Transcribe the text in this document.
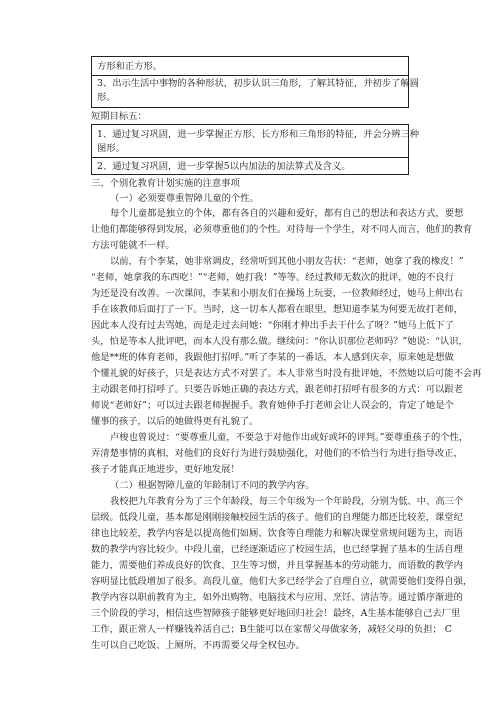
方形和正方形。
3、出示生活中事物的各种形状，初步认识三角形，了解其特征，并初步了解圆
形。
短期目标五：
1、通过复习巩固，进一步掌握正方形、长方形和三角形的特征，并会分辨三种
图形。
2、通过复习巩固，进一步掌握5以内加法的加法算式及含义。
三、个别化教育计划实施的注意事项
（一）必须要尊重智障儿童的个性。
每个儿童都是独立的个体，都有各自的兴趣和爱好，都有自己的想法和表达方式，要想
让他们都能够得到发展，必须尊重他们的个性。对待每一个学生，对不同人而言，他们的教育
方法可能就不一样。
以前，有个李某，她非常调皮，经常听到其他小朋友告状：“老师，她拿了我的橡皮！”
“老师，她拿我的东西吃！”“老师，她打我！”等等。经过教师无数次的批评，她的不良行
为还是没有改善。一次课间，李某和小朋友们在操场上玩耍，一位教师经过，她马上伸出右
手在该教师后面打了一下。当时，这一切本人都看在眼里，想知道李某为何要无故打老师，
因此本人没有过去骂她，而是走过去问她：“你刚才伸出手去干什么了呀？”她马上低下了
头，怕是等本人批评吧，而本人没有那么做。继续问：“你认识那位老师吗？”她说：“认识，
他是**班的体育老师，我跟他打招呼。”听了李某的一番话，本人感到庆幸，原来她是想做
个懂礼貌的好孩子，只是表达方式不对罢了。本人非常当时没有批评她，不然她以后可能不会再
主动跟老师打招呼了。只要告诉她正确的表达方式，跟老师打招呼有很多的方式：可以跟老
师说“老师好”；可以过去跟老师握握手。教育她伸手打老师会让人误会的，肯定了她是个
懂事的孩子，以后的她做得更有礼貌了。
卢梭也曾说过：“要尊重儿童，不要急于对他作出或好或坏的评判。”要尊重孩子的个性，
弄清楚事情的真相，对他们的良好行为进行鼓励强化，对他们的不恰当行为进行指导改正，
孩子才能真正地进步，更好地发展！
（二）根据智障儿童的年龄制订不同的教学内容。
我校把九年教育分为了三个年龄段，每三个年级为一个年龄段，分别为低、中、高三个
层级。低段儿童，基本都是刚刚接触校园生活的孩子。他们的自理能力都还比较差，课堂纪
律也比较差，教学内容是以提高他们如厕、饮食等自理能力和解决课堂常规问题为主，而语
数的教学内容比较少。中段儿童，已经逐渐适应了校园生活，也已经掌握了基本的生活自理
能力，需要他们养成良好的饮食、卫生等习惯，并且掌握基本的劳动能力，而语数的教学内
容明显比低段增加了很多。高段儿童，他们大多已经学会了自理自立，就需要他们变得自强，
教学内容以职前教育为主，如外出购物、电脑技术与应用、烹饪、清洁等。通过循序渐进的
三个阶段的学习，相信这些智障孩子能够更好地回归社会！最终，A生基本能够自己去厂里
工作，跟正常人一样赚钱养活自己；B生能可以在家帮父母做家务，减轻父母的负担； C
生可以自己吃饭、上厕所，不再需要父母全权包办。
